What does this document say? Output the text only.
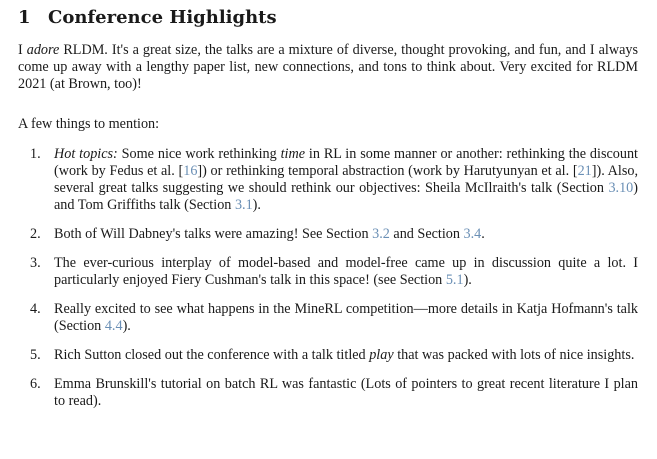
1 Conference Highlights

I adore RLDM. It's a great size, the talks are a mixture of diverse, thought provoking, and fun, and I always come up away with a lengthy paper list, new connections, and tons to think about. Very excited for RLDM 2021 (at Brown, too)!

A few things to mention:

1. Hot topics: Some nice work rethinking time in RL in some manner or another: rethinking the discount (work by Fedus et al. [16]) or rethinking temporal abstraction (work by Harutyunyan et al. [21]). Also, several great talks suggesting we should rethink our objectives: Sheila McIlraith's talk (Section 3.10) and Tom Griffiths talk (Section 3.1).
2. Both of Will Dabney's talks were amazing! See Section 3.2 and Section 3.4.
3. The ever-curious interplay of model-based and model-free came up in discussion quite a lot. I particularly enjoyed Fiery Cushman's talk in this space! (see Section 5.1).
4. Really excited to see what happens in the MineRL competition—more details in Katja Hofmann's talk (Section 4.4).
5. Rich Sutton closed out the conference with a talk titled play that was packed with lots of nice insights.
6. Emma Brunskill's tutorial on batch RL was fantastic (Lots of pointers to great recent literature I plan to read).
